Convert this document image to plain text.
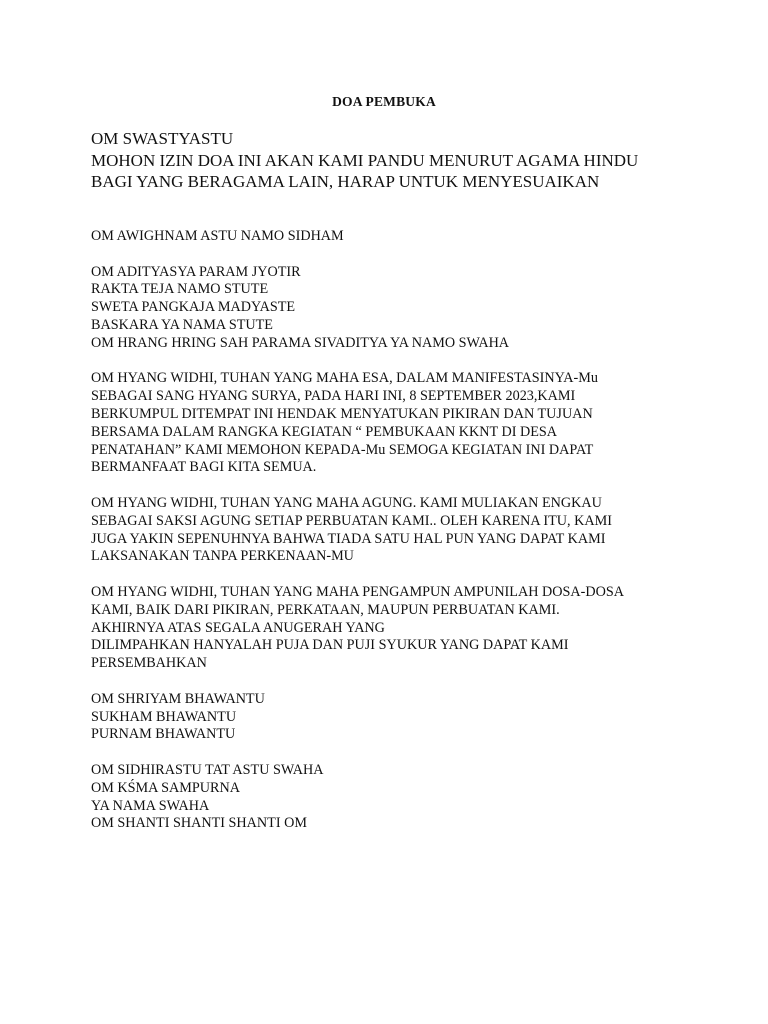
DOA PEMBUKA
OM SWASTYASTU
MOHON IZIN DOA INI AKAN KAMI PANDU MENURUT AGAMA HINDU
BAGI YANG BERAGAMA LAIN, HARAP UNTUK MENYESUAIKAN
OM AWIGHNAM ASTU NAMO SIDHAM
OM ADITYASYA PARAM JYOTIR
RAKTA TEJA NAMO STUTE
SWETA PANGKAJA MADYASTE
BASKARA YA NAMA STUTE
OM HRANG HRING SAH PARAMA SIVADITYA YA NAMO SWAHA
OM HYANG WIDHI, TUHAN YANG MAHA ESA, DALAM MANIFESTASINYA-Mu
SEBAGAI SANG HYANG SURYA, PADA HARI INI, 8 SEPTEMBER 2023,KAMI
BERKUMPUL DITEMPAT INI HENDAK MENYATUKAN PIKIRAN DAN TUJUAN
BERSAMA DALAM RANGKA KEGIATAN “ PEMBUKAAN KKNT DI DESA
PENATAHAN” KAMI MEMOHON KEPADA-Mu SEMOGA KEGIATAN INI DAPAT
BERMANFAAT BAGI KITA SEMUA.
OM HYANG WIDHI, TUHAN YANG MAHA AGUNG. KAMI MULIAKAN ENGKAU
SEBAGAI SAKSI AGUNG SETIAP PERBUATAN KAMI.. OLEH KARENA ITU, KAMI
JUGA YAKIN SEPENUHNYA BAHWA TIADA SATU HAL PUN YANG DAPAT KAMI
LAKSANAKAN TANPA PERKENAAN-MU
OM HYANG WIDHI, TUHAN YANG MAHA PENGAMPUN AMPUNILAH DOSA-DOSA
KAMI, BAIK DARI PIKIRAN, PERKATAAN, MAUPUN PERBUATAN KAMI.
AKHIRNYA ATAS SEGALA ANUGERAH YANG
DILIMPAHKAN HANYALAH PUJA DAN PUJI SYUKUR YANG DAPAT KAMI
PERSEMBAHKAN
OM SHRIYAM BHAWANTU
SUKHAM BHAWANTU
PURNAM BHAWANTU
OM SIDHIRASTU TAT ASTU SWAHA
OM KŚMA SAMPURNA
YA NAMA SWAHA
OM SHANTI SHANTI SHANTI OM
